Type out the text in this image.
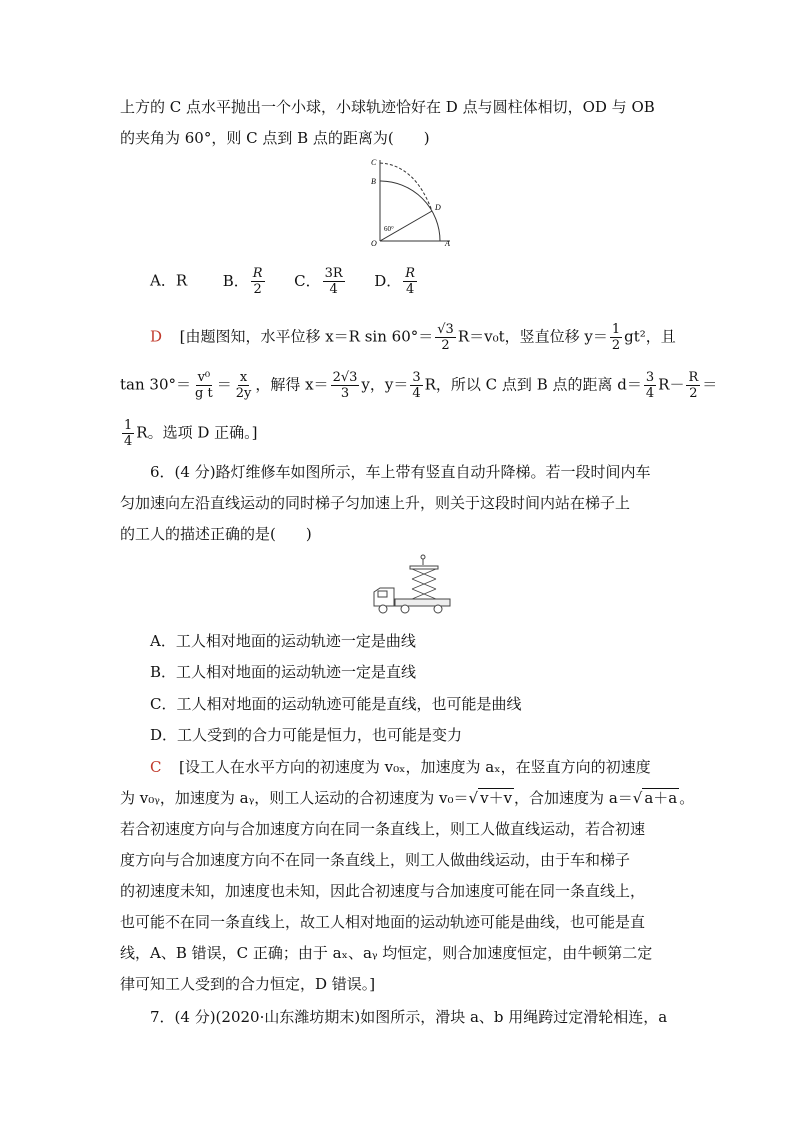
上方的 C 点水平抛出一个小球，小球轨迹恰好在 D 点与圆柱体相切，OD 与 OB
的夹角为 60°，则 C 点到 B 点的距离为(　　)
C
B
D
O	A
60°
A．R B． $\frac{R}{2}$ C． $\frac{3R}{4}$ D． $\frac{R}{4}$
D [由题图知，水平位移 x＝R $\sin 60^\circ= \frac{√3}{2} R=v_0t$，竖直位移 $y= \frac{1}{2} gt^2$，且
$\tan 30^\circ= \frac{\text{v⁰}}{\text{g t}} = \frac{x}{2y}$ ，解得 $x= \frac{2√3}{3}$ y，$y= \frac{3}{4}$ R，所以 C 点到 B 点的距离 $d= \frac{3}{4} R- \frac{R}{2}$ ＝
$\frac{1}{4}$ R。选项 D 正确。]
6．(4 分)路灯维修车如图所示，车上带有竖直自动升降梯。若一段时间内车
匀加速向左沿直线运动的同时梯子匀加速上升，则关于这段时间内站在梯子上
的工人的描述正确的是(　　)
A．工人相对地面的运动轨迹一定是曲线
B．工人相对地面的运动轨迹一定是直线
C．工人相对地面的运动轨迹可能是直线，也可能是曲线
D．工人受到的合力可能是恒力，也可能是变力
C [设工人在水平方向的初速度为 v₀ₓ，加速度为 aₓ，在竖直方向的初速度
为 v₀ᵧ，加速度为 aᵧ，则工人运动的合初速度为 v₀＝√ v＋v ，合加速度为 a＝√ a＋a 。
若合初速度方向与合加速度方向在同一条直线上，则工人做直线运动，若合初速
度方向与合加速度方向不在同一条直线上，则工人做曲线运动，由于车和梯子
的初速度未知，加速度也未知，因此合初速度与合加速度可能在同一条直线上，
也可能不在同一条直线上，故工人相对地面的运动轨迹可能是曲线，也可能是直
线，A、B 错误，C 正确；由于 aₓ、aᵧ 均恒定，则合加速度恒定，由牛顿第二定
律可知工人受到的合力恒定，D 错误。]
7．(4 分)(2020·山东潍坊期末)如图所示，滑块 a、b 用绳跨过定滑轮相连，a
